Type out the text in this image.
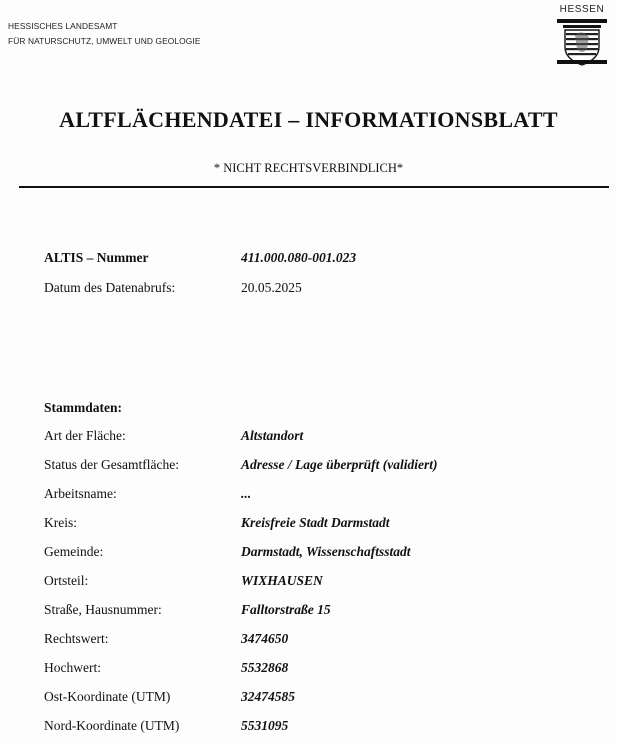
HESSISCHES LANDESAMT
FÜR NATURSCHUTZ, UMWELT UND GEOLOGIE
HESSEN
ALTFLÄCHENDATEI – INFORMATIONSBLATT
* NICHT RECHTSVERBINDLICH*
ALTIS – Nummer	411.000.080-001.023
Datum des Datenabrufs:	20.05.2025
Stammdaten:
Art der Fläche:	Altstandort
Status der Gesamtfläche:	Adresse / Lage überprüft (validiert)
Arbeitsname:	...
Kreis:	Kreisfreie Stadt Darmstadt
Gemeinde:	Darmstadt, Wissenschaftsstadt
Ortsteil:	WIXHAUSEN
Straße, Hausnummer:	Falltorstraße 15
Rechtswert:	3474650
Hochwert:	5532868
Ost-Koordinate (UTM)	32474585
Nord-Koordinate (UTM)	5531095
